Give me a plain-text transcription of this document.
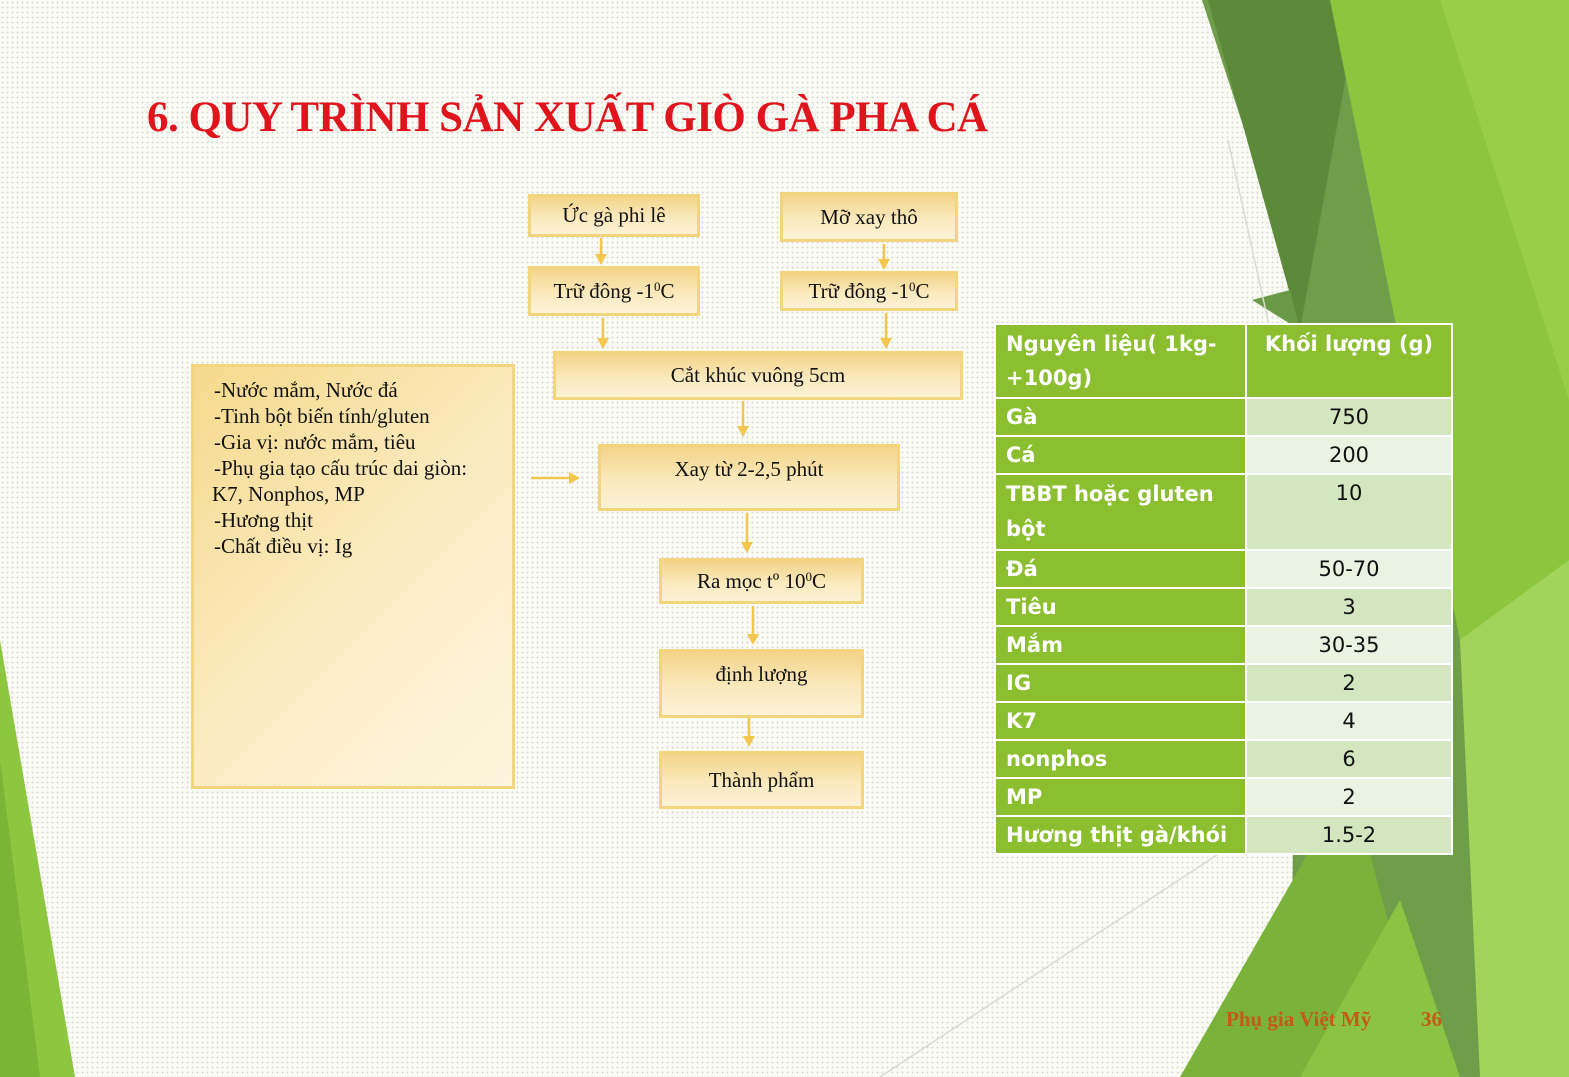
6. QUY TRÌNH SẢN XUẤT GIÒ GÀ PHA CÁ
Ức gà phi lê	Mỡ xay thô
Trữ đông $-1^0C$	Trữ đông $-1^0C$
Cắt khúc vuông 5cm
Xay từ 2-2,5 phút
Ra mọc tº $10^0C$
định lượng
Thành phẩm
-Nước mắm, Nước đá
-Tinh bột biến tính/gluten
-Gia vị: nước mắm, tiêu
-Phụ gia tạo cấu trúc dai giòn:
K7, Nonphos, MP
-Hương thịt
-Chất điều vị: Ig
Nguyên liệu( 1kg-+100g)	Khối lượng (g)
Gà	750
Cá	200
TBBT hoặc gluten bột	10
Đá	50-70
Tiêu	3
Mắm	30-35
IG	2
K7	4
nonphos	6
MP	2
Hương thịt gà/khói	1.5-2
Phụ gia Việt Mỹ 36
